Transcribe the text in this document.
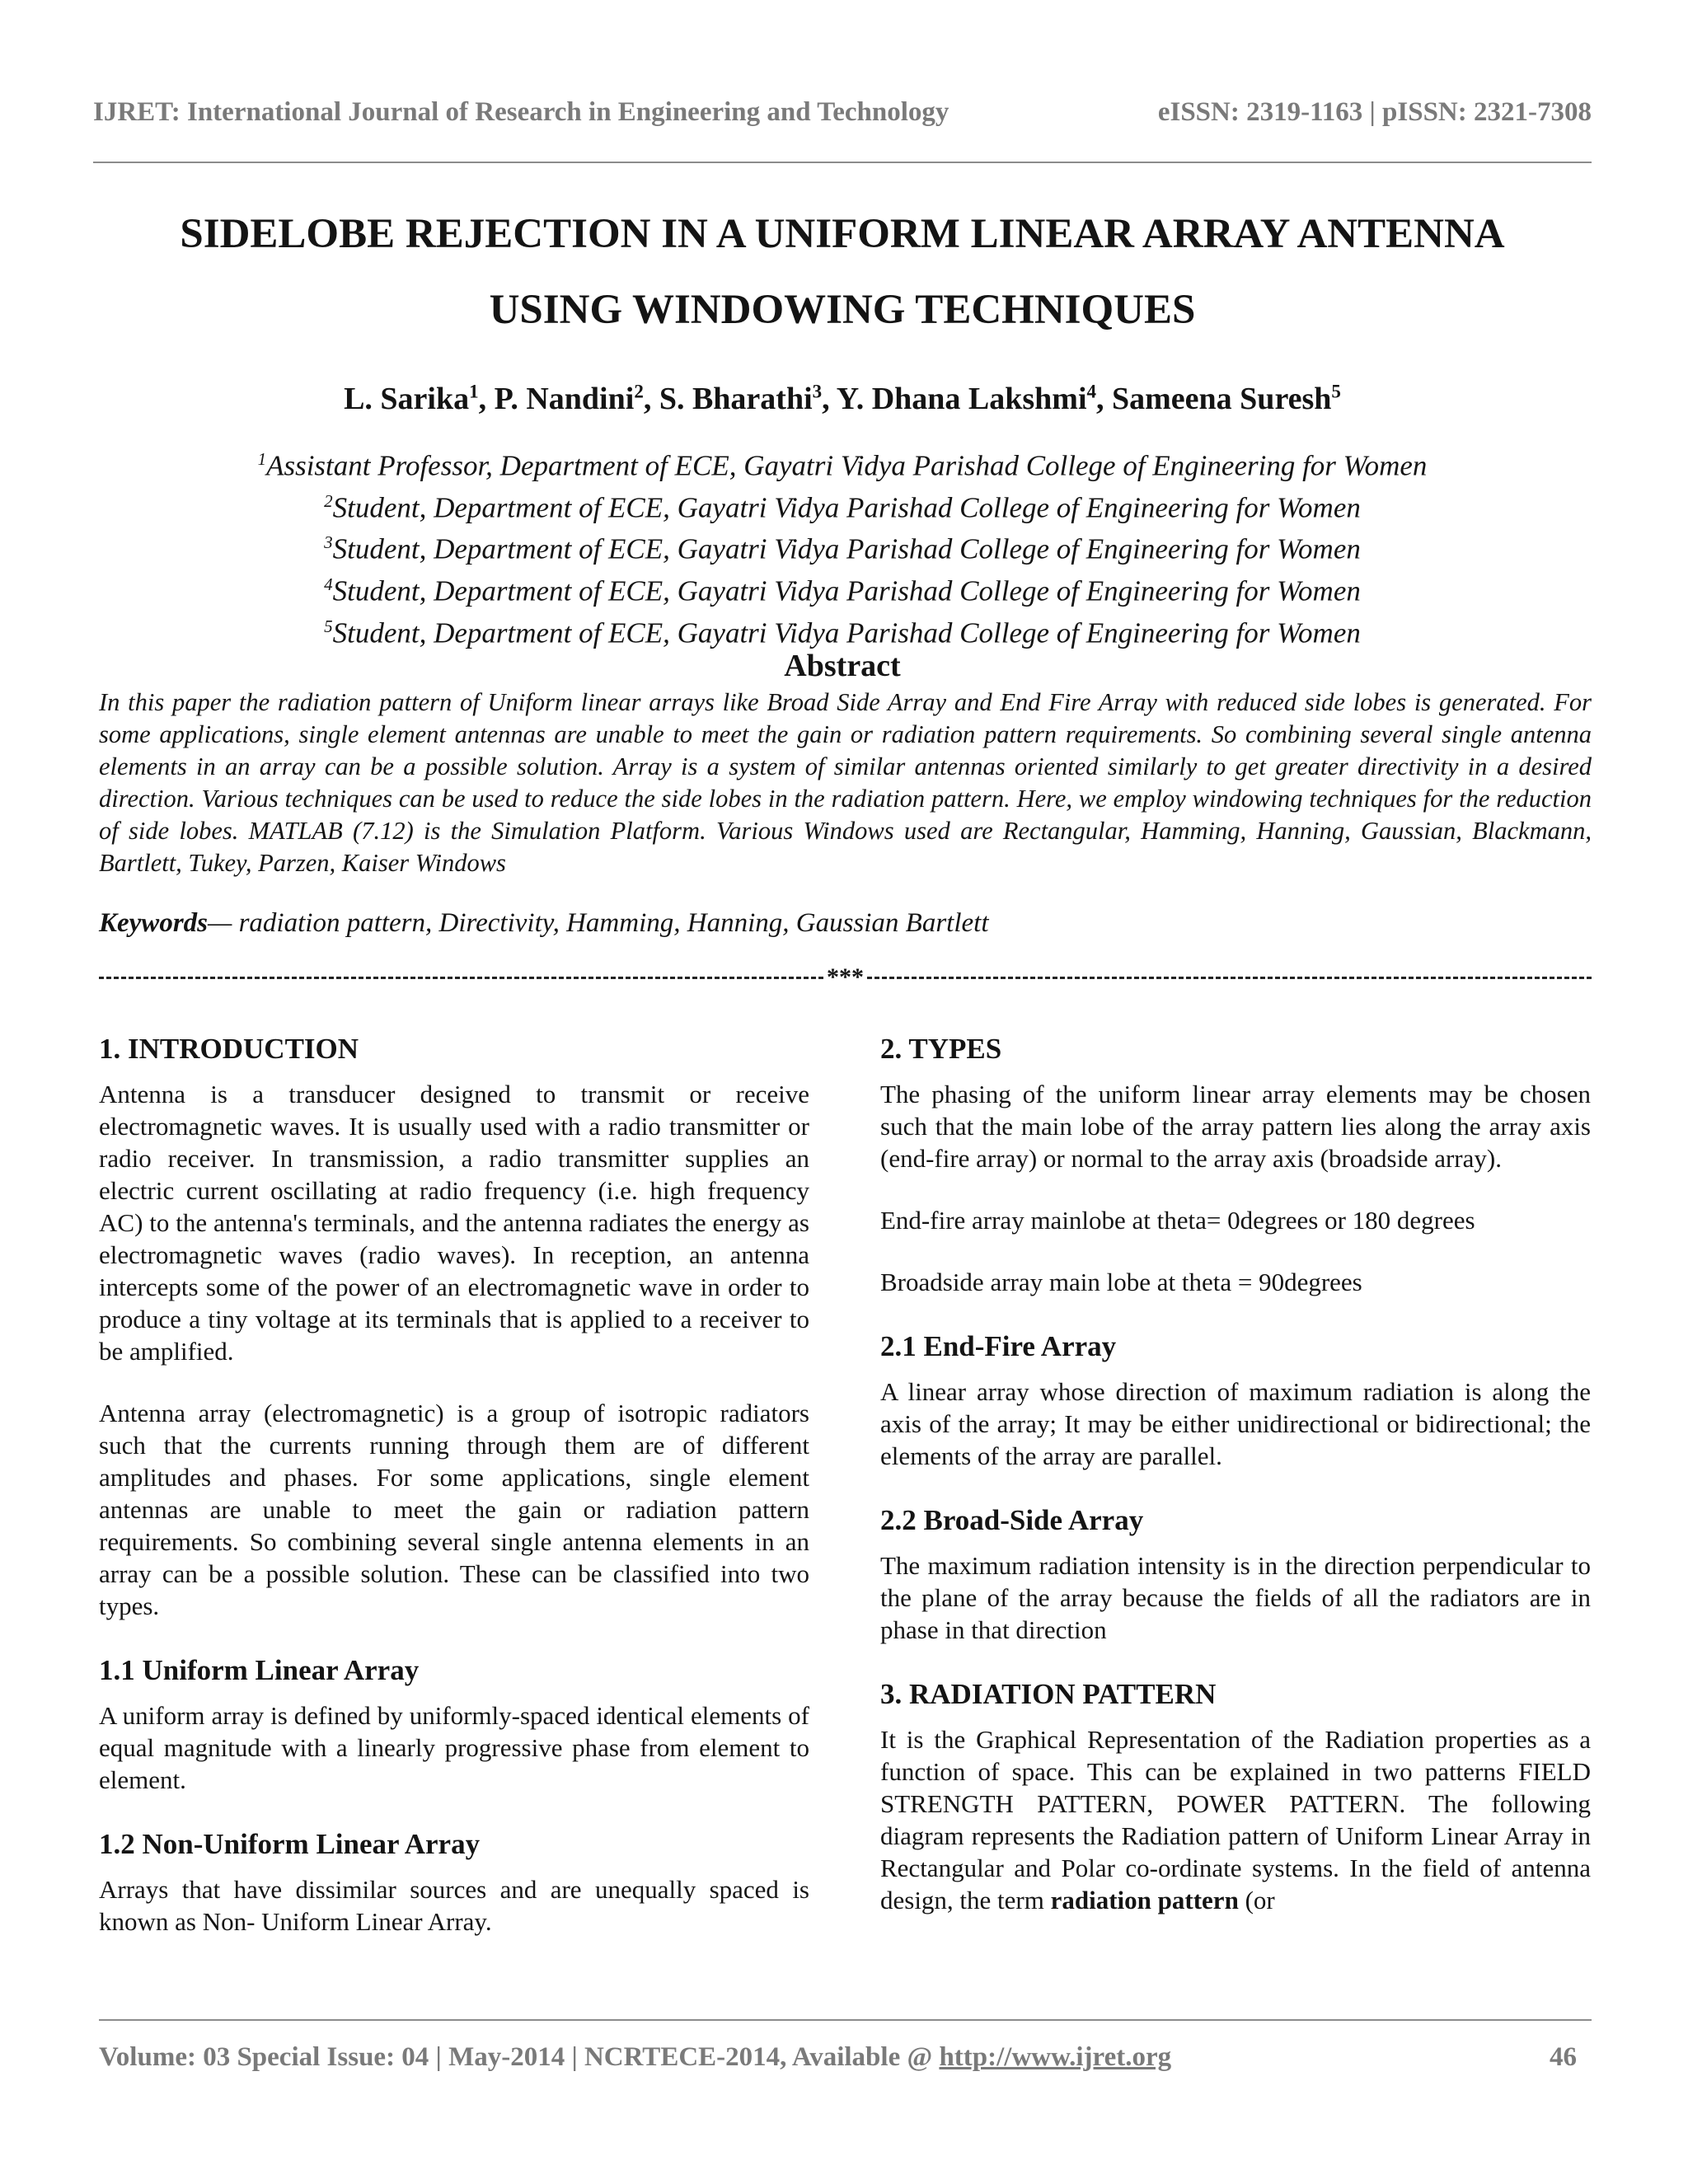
IJRET: International Journal of Research in Engineering and Technology	eISSN: 2319-1163 | pISSN: 2321-7308
SIDELOBE REJECTION IN A UNIFORM LINEAR ARRAY ANTENNA
USING WINDOWING TECHNIQUES
L. Sarika$^1$, P. Nandini$^2$, S. Bharathi$^3$, Y. Dhana Lakshmi$^4$, Sameena Suresh$^5$
$^1$Assistant Professor, Department of ECE, Gayatri Vidya Parishad College of Engineering for Women
$^2$Student, Department of ECE, Gayatri Vidya Parishad College of Engineering for Women
$^3$Student, Department of ECE, Gayatri Vidya Parishad College of Engineering for Women
$^4$Student, Department of ECE, Gayatri Vidya Parishad College of Engineering for Women
$^5$Student, Department of ECE, Gayatri Vidya Parishad College of Engineering for Women
Abstract

In this paper the radiation pattern of Uniform linear arrays like Broad Side Array and End Fire Array with reduced side lobes is generated. For some applications, single element antennas are unable to meet the gain or radiation pattern requirements. So combining several single antenna elements in an array can be a possible solution. Array is a system of similar antennas oriented similarly to get greater directivity in a desired direction. Various techniques can be used to reduce the side lobes in the radiation pattern. Here, we employ windowing techniques for the reduction of side lobes. MATLAB (7.12) is the Simulation Platform. Various Windows used are Rectangular, Hamming, Hanning, Gaussian, Blackmann, Bartlett, Tukey, Parzen, Kaiser Windows

Keywords— radiation pattern, Directivity, Hamming, Hanning, Gaussian Bartlett
***
1. INTRODUCTION

Antenna is a transducer designed to transmit or receive electromagnetic waves. It is usually used with a radio transmitter or radio receiver. In transmission, a radio transmitter supplies an electric current oscillating at radio frequency (i.e. high frequency AC) to the antenna's terminals, and the antenna radiates the energy as electromagnetic waves (radio waves). In reception, an antenna intercepts some of the power of an electromagnetic wave in order to produce a tiny voltage at its terminals that is applied to a receiver to be amplified.

Antenna array (electromagnetic) is a group of isotropic radiators such that the currents running through them are of different amplitudes and phases. For some applications, single element antennas are unable to meet the gain or radiation pattern requirements. So combining several single antenna elements in an array can be a possible solution. These can be classified into two types.

1.1 Uniform Linear Array

A uniform array is defined by uniformly-spaced identical elements of equal magnitude with a linearly progressive phase from element to element.

1.2 Non-Uniform Linear Array

Arrays that have dissimilar sources and are unequally spaced is known as Non- Uniform Linear Array.

2. TYPES

The phasing of the uniform linear array elements may be chosen such that the main lobe of the array pattern lies along the array axis (end-fire array) or normal to the array axis (broadside array).

End-fire array mainlobe at theta= 0degrees or 180 degrees

Broadside array main lobe at theta = 90degrees

2.1 End-Fire Array

A linear array whose direction of maximum radiation is along the axis of the array; It may be either unidirectional or bidirectional; the elements of the array are parallel.

2.2 Broad-Side Array

The maximum radiation intensity is in the direction perpendicular to the plane of the array because the fields of all the radiators are in phase in that direction

3. RADIATION PATTERN

It is the Graphical Representation of the Radiation properties as a function of space. This can be explained in two patterns FIELD STRENGTH PATTERN, POWER PATTERN. The following diagram represents the Radiation pattern of Uniform Linear Array in Rectangular and Polar co-ordinate systems. In the field of antenna design, the term radiation pattern (or

Volume: 03 Special Issue: 04 | May-2014 | NCRTECE-2014, Available @ http://www.ijret.org	46
